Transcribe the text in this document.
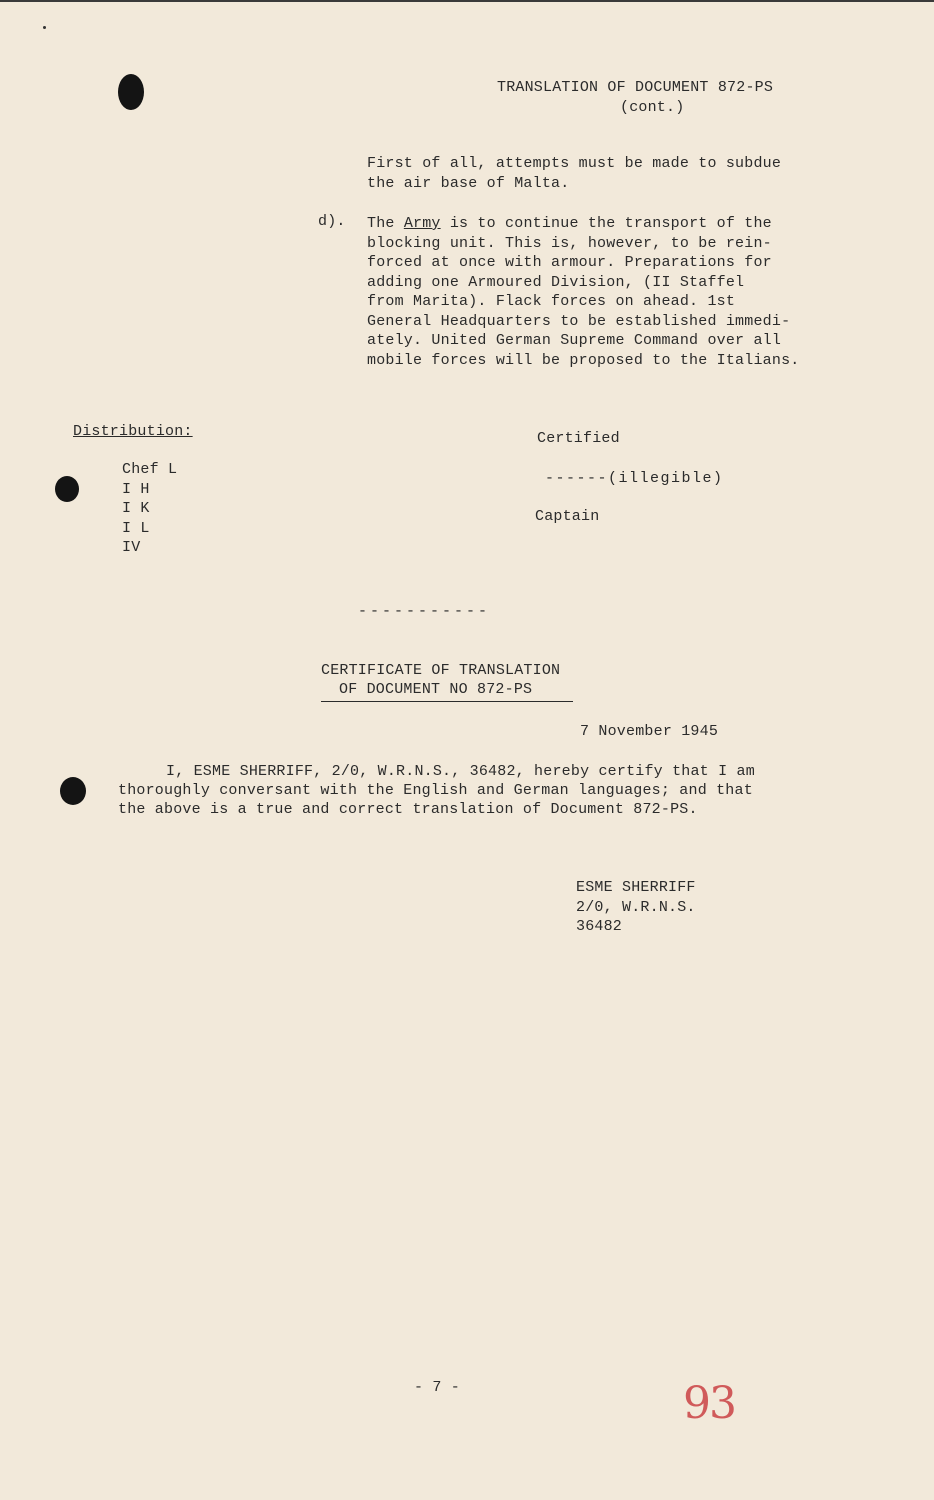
TRANSLATION OF DOCUMENT 872-PS
(cont.)

First of all, attempts must be made to subdue

the air base of Malta.

d). The Army is to continue the transport of the

blocking unit. This is, however, to be rein-

forced at once with armour. Preparations for

adding one Armoured Division, (II Staffel

from Marita). Flack forces on ahead. 1st

General Headquarters to be established immedi-

ately. United German Supreme Command over all

mobile forces will be proposed to the Italians.

Distribution:
Chef L
I H
I K
I L
IV
Certified
------(illegible)
Captain
-----------
CERTIFICATE OF TRANSLATION
OF DOCUMENT NO 872-PS
7 November 1945
I, ESME SHERRIFF, 2/0, W.R.N.S., 36482, hereby certify that I am
thoroughly conversant with the English and German languages; and that
the above is a true and correct translation of Document 872-PS.
ESME SHERRIFF
2/0, W.R.N.S.
36482
- 7 -	93
